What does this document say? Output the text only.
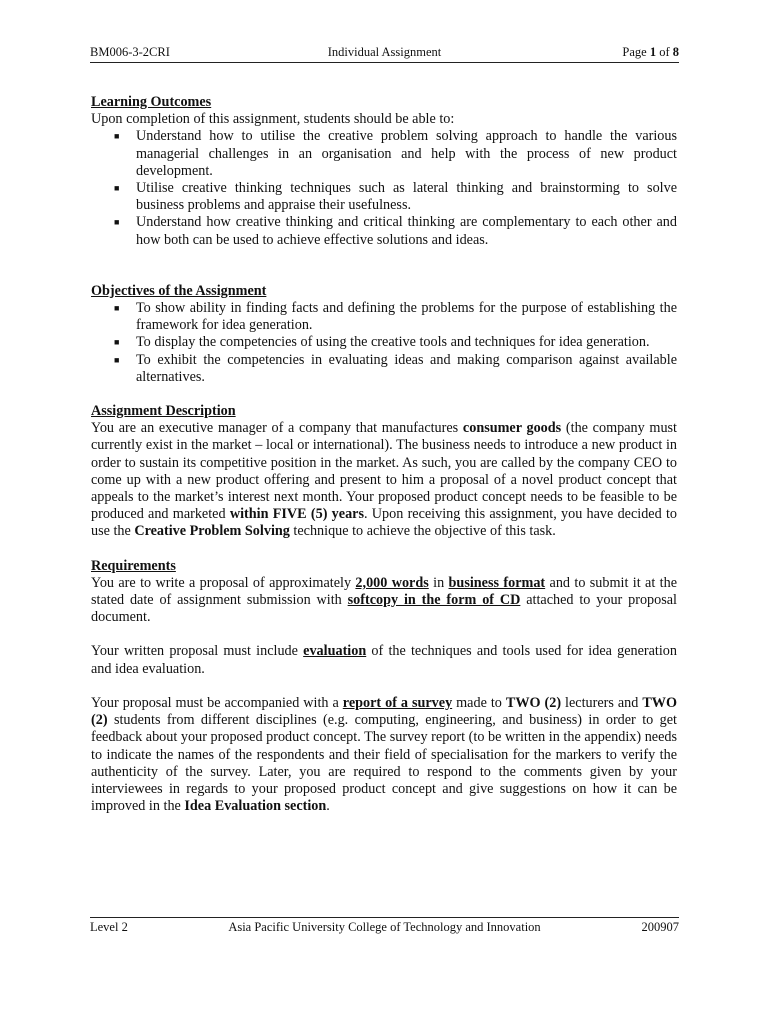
BM006-3-2CRI	Individual Assignment	Page 1 of 8
Learning Outcomes

Upon completion of this assignment, students should be able to:

■ Understand how to utilise the creative problem solving approach to handle the various managerial challenges in an organisation and help with the process of new product development.
■ Utilise creative thinking techniques such as lateral thinking and brainstorming to solve business problems and appraise their usefulness.
■ Understand how creative thinking and critical thinking are complementary to each other and how both can be used to achieve effective solutions and ideas.
Objectives of the Assignment
■ To show ability in finding facts and defining the problems for the purpose of establishing the framework for idea generation.
■ To display the competencies of using the creative tools and techniques for idea generation.
■ To exhibit the competencies in evaluating ideas and making comparison against available alternatives.
Assignment Description

You are an executive manager of a company that manufactures consumer goods (the company must currently exist in the market – local or international). The business needs to introduce a new product in order to sustain its competitive position in the market. As such, you are called by the company CEO to come up with a new product offering and present to him a proposal of a novel product concept that appeals to the market’s interest next month. Your proposed product concept needs to be feasible to be produced and marketed within FIVE (5) years. Upon receiving this assignment, you have decided to use the Creative Problem Solving technique to achieve the objective of this task.

Requirements

You are to write a proposal of approximately 2,000 words in business format and to submit it at the stated date of assignment submission with softcopy in the form of CD attached to your proposal document.

Your written proposal must include evaluation of the techniques and tools used for idea generation and idea evaluation.

Your proposal must be accompanied with a report of a survey made to TWO (2) lecturers and TWO (2) students from different disciplines (e.g. computing, engineering, and business) in order to get feedback about your proposed product concept. The survey report (to be written in the appendix) needs to indicate the names of the respondents and their field of specialisation for the markers to verify the authenticity of the survey. Later, you are required to respond to the comments given by your interviewees in regards to your proposed product concept and give suggestions on how it can be improved in the Idea Evaluation section.

Level 2	Asia Pacific University College of Technology and Innovation	200907
